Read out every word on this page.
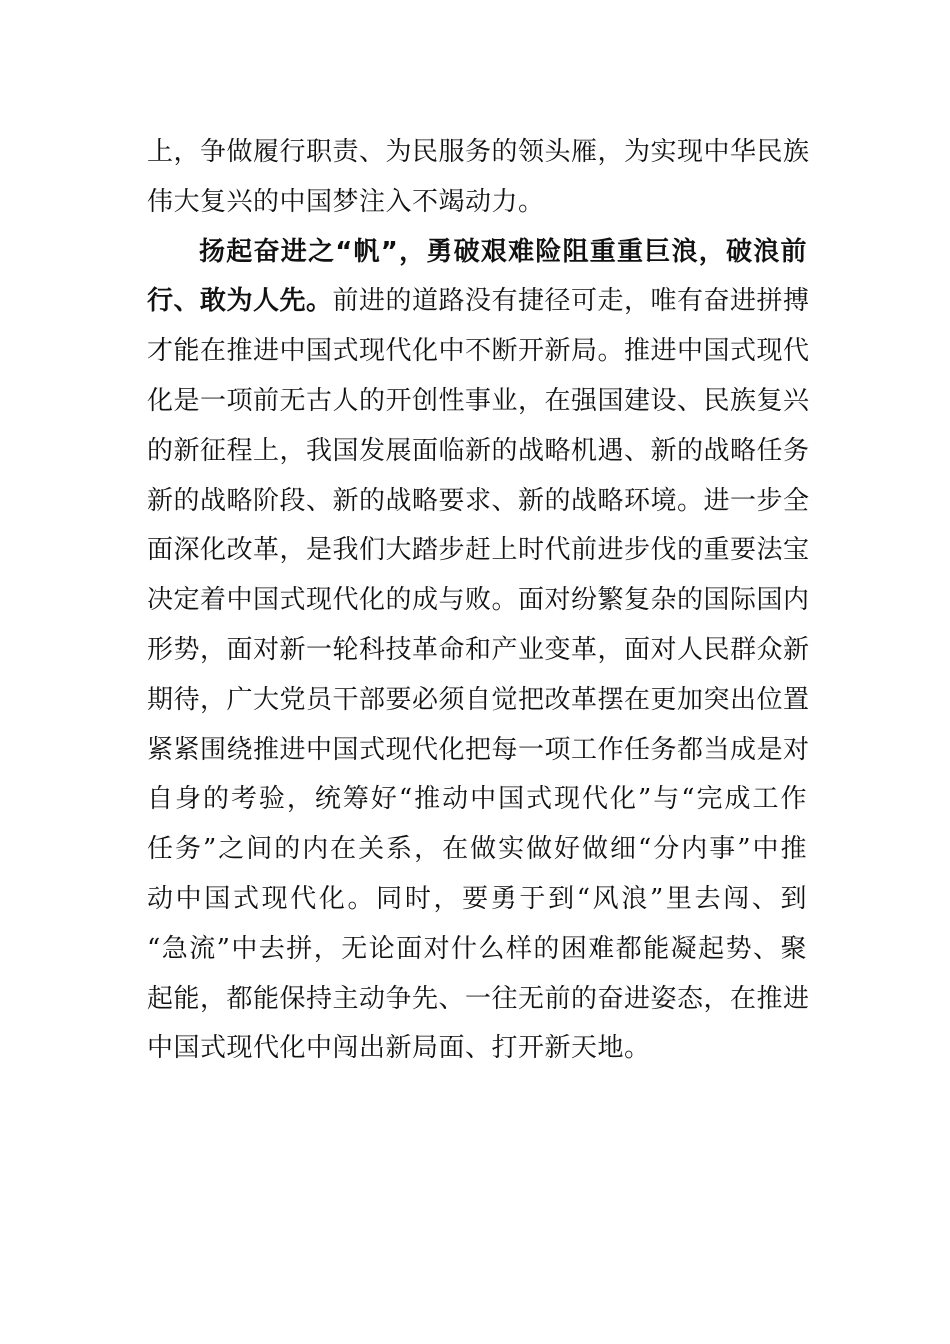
上，争做履行职责、为民服务的领头雁，为实现中华民族
伟大复兴的中国梦注入不竭动力。
扬起奋进之“帆”，勇破艰难险阻重重巨浪，破浪前
行、敢为人先。前进的道路没有捷径可走，唯有奋进拼搏
才能在推进中国式现代化中不断开新局。推进中国式现代
化是一项前无古人的开创性事业，在强国建设、民族复兴
的新征程上，我国发展面临新的战略机遇、新的战略任务
新的战略阶段、新的战略要求、新的战略环境。进一步全
面深化改革，是我们大踏步赶上时代前进步伐的重要法宝
决定着中国式现代化的成与败。面对纷繁复杂的国际国内
形势，面对新一轮科技革命和产业变革，面对人民群众新
期待，广大党员干部要必须自觉把改革摆在更加突出位置
紧紧围绕推进中国式现代化把每一项工作任务都当成是对
自身的考验，统筹好“推动中国式现代化”与“完成工作
任务”之间的内在关系，在做实做好做细“分内事”中推
动中国式现代化。同时，要勇于到“风浪”里去闯、到
“急流”中去拼，无论面对什么样的困难都能凝起势、聚
起能，都能保持主动争先、一往无前的奋进姿态，在推进
中国式现代化中闯出新局面、打开新天地。
